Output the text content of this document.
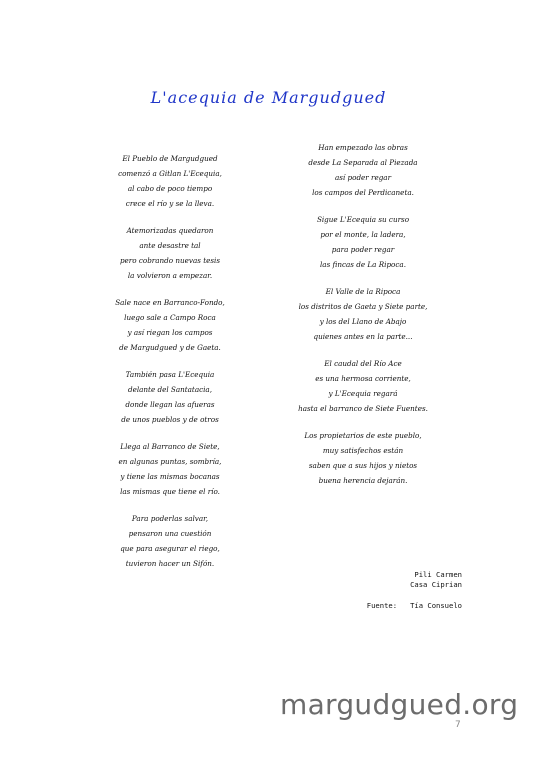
L'acequia de Margudgued
El Pueblo de Margudgued
comenzó a Gitlan L'Ecequia,
al cabo de poco tiempo
crece el río y se la lleva.
Atemorizadas quedaron
ante desastre tal
pero cobrando nuevas tesis
la volvieron a empezar.
Sale nace en Barranco-Fondo,
luego sale a Campo Roca
y así riegan los campos
de Margudgued y de Gaeta.
También pasa L'Ecequia
delante del Santatacia,
donde llegan las afueras
de unos pueblos y de otros
Llega al Barranco de Siete,
en algunas puntas, sombría,
y tiene las mismas bocanas
las mismas que tiene el río.
Para poderlas salvar,
pensaron una cuestión
que para asegurar el riego,
tuvieron hacer un Sifón.
Han empezado las obras
desde La Separada al Piezada
así poder regar
los campos del Perdicaneta.
Sigue L'Ecequia su curso
por el monte, la ladera,
para poder regar
las fincas de La Ripoca.
El Valle de la Ripoca
los distritos de Gaeta y Siete parte,
y los del Llano de Abajo
quienes antes en la parte...
El caudal del Río Ace
es una hermosa corriente,
y L'Ecequia regará
hasta el barranco de Siete Fuentes.
Los propietarios de este pueblo,
muy satisfechos están
saben que a sus hijos y nietos
buena herencia dejarán.
Pili Carmen
Casa Ciprian
Fuente: Tía Consuelo
margudgued.org
7
